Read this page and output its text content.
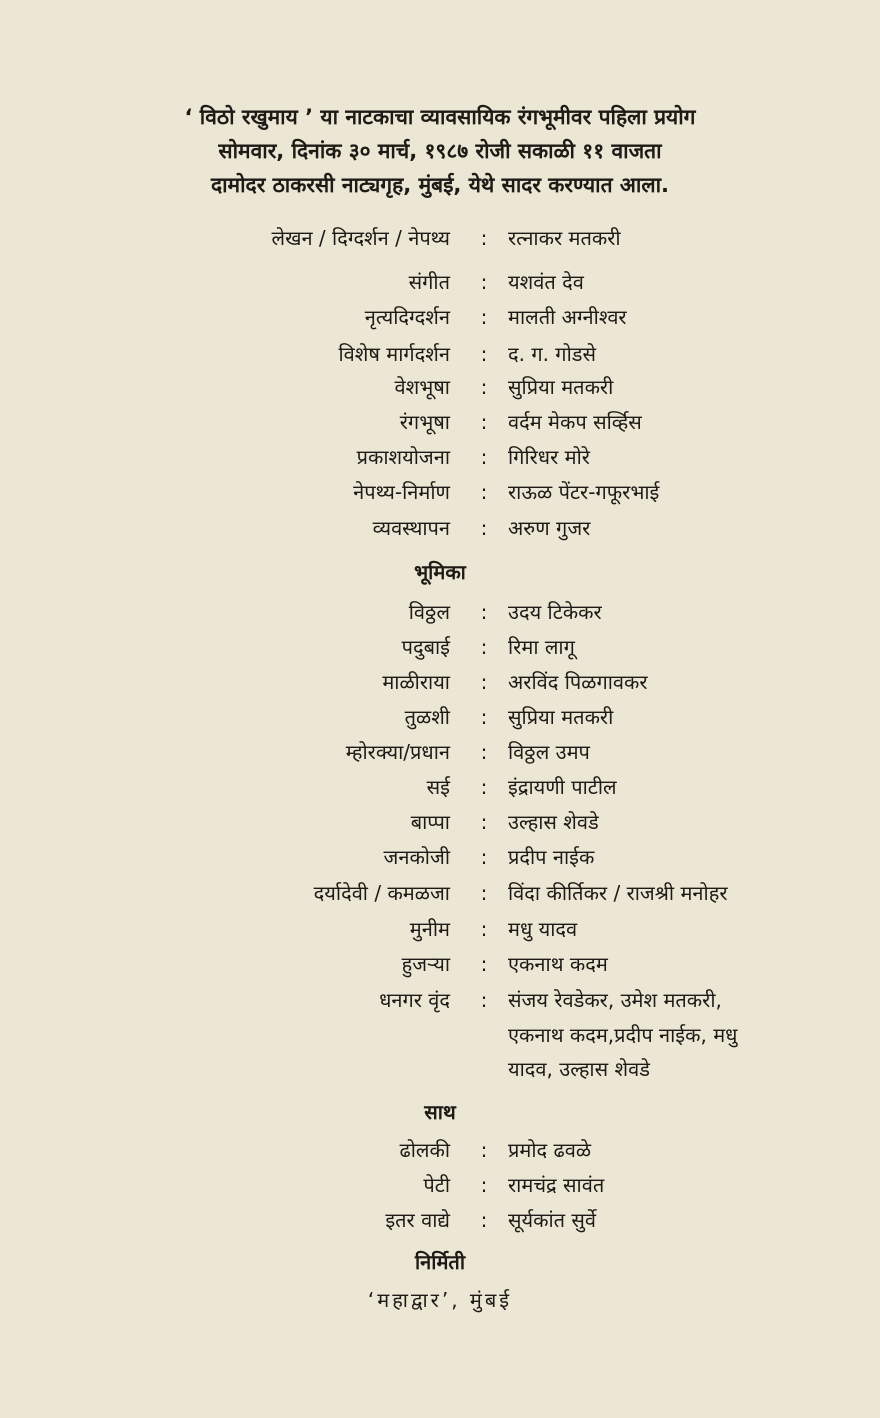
‘ विठो रखुमाय ’ या नाटकाचा व्यावसायिक रंगभूमीवर पहिला प्रयोग
सोमवार, दिनांक ३० मार्च, १९८७ रोजी सकाळी ११ वाजता
दामोदर ठाकरसी नाट्यगृह, मुंबई, येथे सादर करण्यात आला.
लेखन / दिग्दर्शन / नेपथ्य : रत्नाकर मतकरी
संगीत : यशवंत देव
नृत्यदिग्दर्शन : मालती अग्नीश्वर
विशेष मार्गदर्शन : द. ग. गोडसे
वेशभूषा : सुप्रिया मतकरी
रंगभूषा : वर्दम मेकप सर्व्हिस
प्रकाशयोजना : गिरिधर मोरे
नेपथ्य-निर्माण : राऊळ पेंटर-गफूरभाई
व्यवस्थापन : अरुण गुजर
भूमिका
विठ्ठल : उदय टिकेकर
पदुबाई : रिमा लागू
माळीराया : अरविंद पिळगावकर
तुळशी : सुप्रिया मतकरी
म्होरक्या/प्रधान : विठ्ठल उमप
सई : इंद्रायणी पाटील
बाप्पा : उल्हास शेवडे
जनकोजी : प्रदीप नाईक
दर्यादेवी / कमळजा : विंदा कीर्तिकर / राजश्री मनोहर
मुनीम : मधु यादव
हुजऱ्या : एकनाथ कदम
धनगर वृंद : संजय रेवडेकर, उमेश मतकरी,
एकनाथ कदम,प्रदीप नाईक, मधु
यादव, उल्हास शेवडे
साथ
ढोलकी : प्रमोद ढवळे
पेटी : रामचंद्र सावंत
इतर वाद्ये : सूर्यकांत सुर्वे
निर्मिती
‘महाद्वार’, मुंबई
